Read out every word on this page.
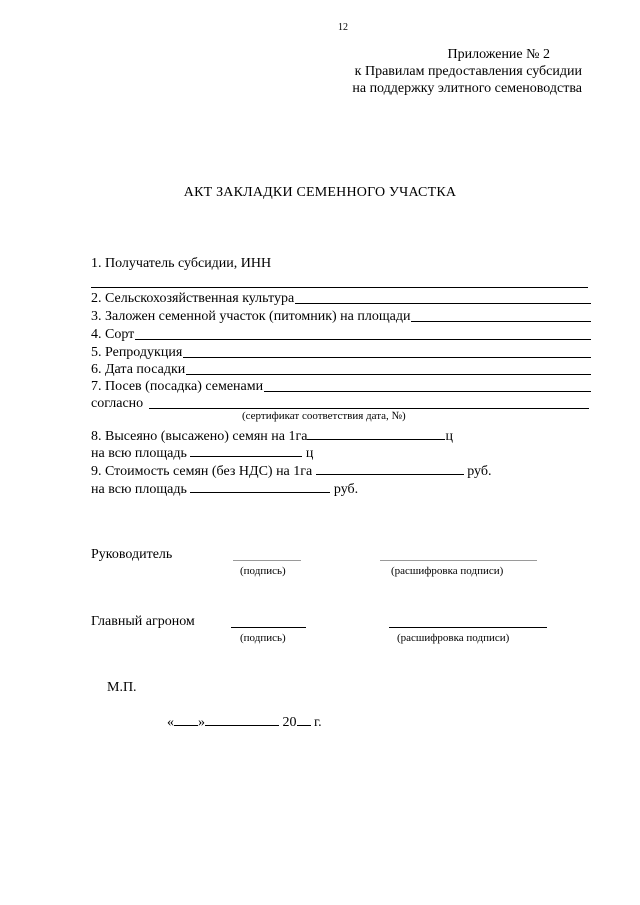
12
Приложение № 2
к Правилам предоставления субсидии
на поддержку элитного семеноводства
АКТ ЗАКЛАДКИ СЕМЕННОГО УЧАСТКА
1. Получатель субсидии, ИНН
2. Сельскохозяйственная культура
3. Заложен семенной участок (питомник) на площади
4. Сорт
5. Репродукция
6. Дата посадки
7. Посев (посадка) семенами
согласно
(сертификат соответствия дата, №)
8. Высеяно (высажено) семян на 1га	ц
на всю площадь	ц
9. Стоимость семян (без НДС) на 1га	руб.
на всю площадь	руб.
Руководитель
(подпись)	(расшифровка подписи)
Главный агроном
(подпись)	(расшифровка подписи)
М.П.
« »	20 г.
